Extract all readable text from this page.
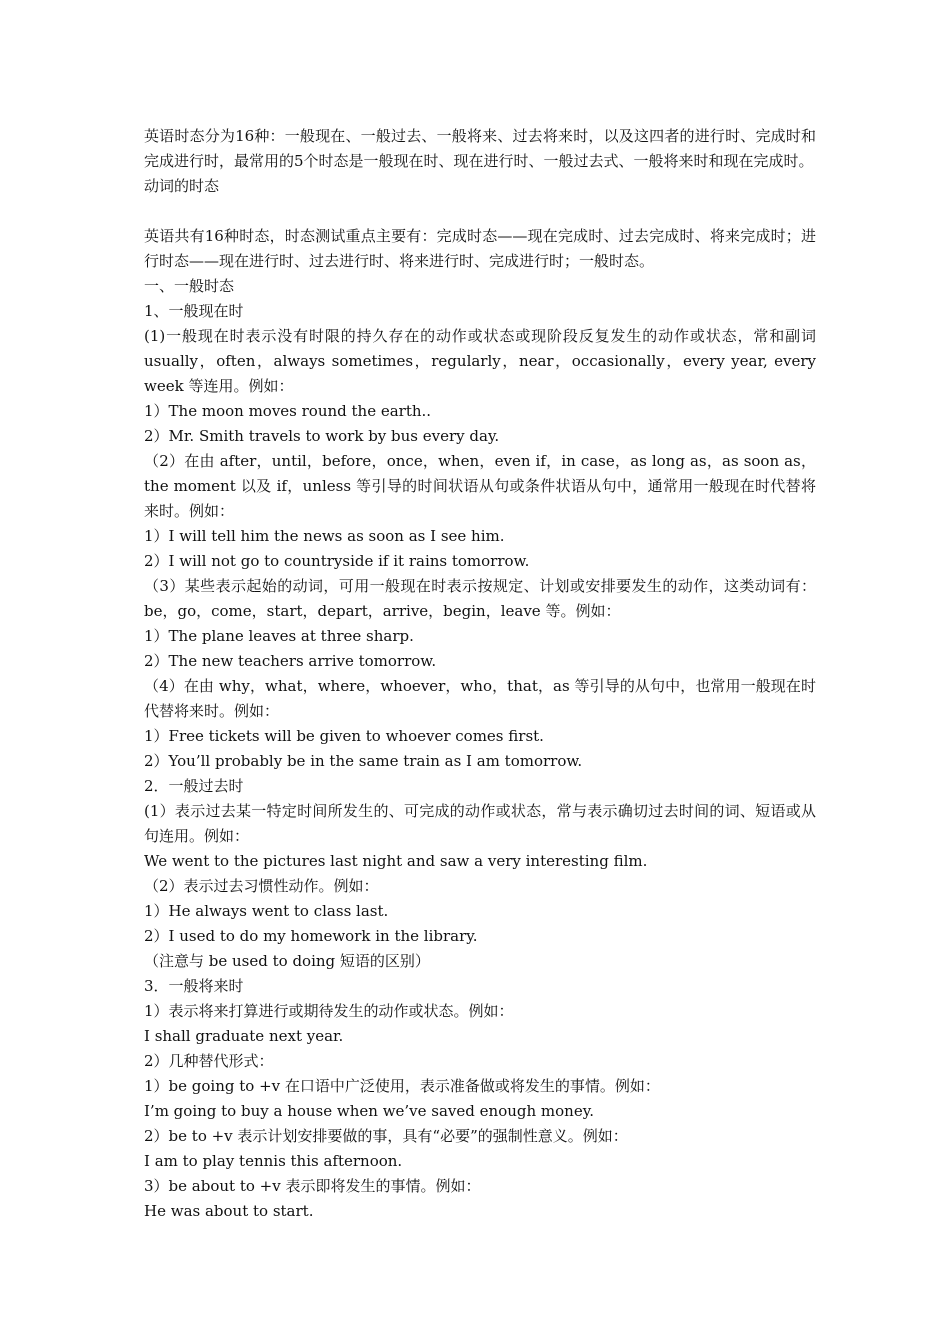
英语时态分为16种：一般现在、一般过去、一般将来、过去将来时，以及这四者的进行时、完成时和完成进行时，最常用的5个时态是一般现在时、现在进行时、一般过去式、一般将来时和现在完成时。

动词的时态

英语共有16种时态，时态测试重点主要有：完成时态——现在完成时、过去完成时、将来完成时；进行时态——现在进行时、过去进行时、将来进行时、完成进行时；一般时态。

一、一般时态

1、一般现在时

(1)一般现在时表示没有时限的持久存在的动作或状态或现阶段反复发生的动作或状态，常和副词 usually，often，always sometimes，regularly，near，occasionally，every year, every week 等连用。例如：

1）The moon moves round the earth..

2）Mr. Smith travels to work by bus every day.

（2）在由 after，until，before，once，when，even if，in case，as long as，as soon as，the moment 以及 if，unless 等引导的时间状语从句或条件状语从句中，通常用一般现在时代替将来时。例如：

1）I will tell him the news as soon as I see him.

2）I will not go to countryside if it rains tomorrow.

（3）某些表示起始的动词，可用一般现在时表示按规定、计划或安排要发生的动作，这类动词有：be，go，come，start，depart，arrive，begin，leave 等。例如：

1）The plane leaves at three sharp.

2）The new teachers arrive tomorrow.

（4）在由 why，what，where，whoever，who，that，as 等引导的从句中，也常用一般现在时代替将来时。例如：

1）Free tickets will be given to whoever comes first.

2）You’ll probably be in the same train as I am tomorrow.

2．一般过去时

(1）表示过去某一特定时间所发生的、可完成的动作或状态，常与表示确切过去时间的词、短语或从句连用。例如：

We went to the pictures last night and saw a very interesting film.

（2）表示过去习惯性动作。例如：

1）He always went to class last.

2）I used to do my homework in the library.

（注意与 be used to doing 短语的区别）

3．一般将来时

1）表示将来打算进行或期待发生的动作或状态。例如：

I shall graduate next year.

2）几种替代形式：

1）be going to +v 在口语中广泛使用，表示准备做或将发生的事情。例如：

I’m going to buy a house when we’ve saved enough money.

2）be to +v 表示计划安排要做的事，具有“必要”的强制性意义。例如：

I am to play tennis this afternoon.

3）be about to +v 表示即将发生的事情。例如：

He was about to start.
